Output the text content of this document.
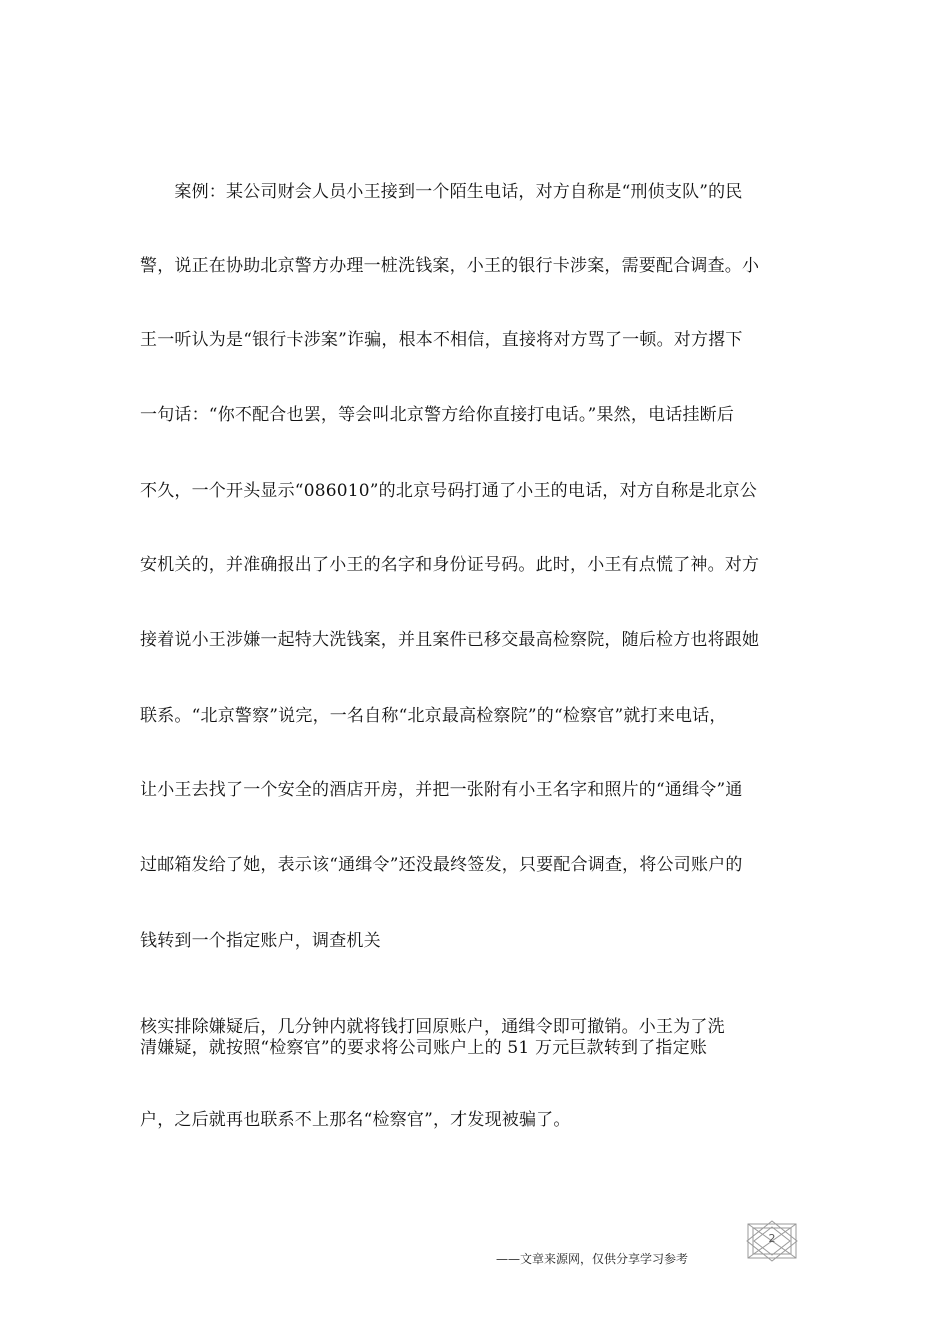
　　案例：某公司财会人员小王接到一个陌生电话，对方自称是“刑侦支队”的民
警，说正在协助北京警方办理一桩洗钱案，小王的银行卡涉案，需要配合调查。小
王一听认为是“银行卡涉案”诈骗，根本不相信，直接将对方骂了一顿。对方撂下
一句话：“你不配合也罢，等会叫北京警方给你直接打电话。”果然，电话挂断后
不久，一个开头显示“086010”的北京号码打通了小王的电话，对方自称是北京公
安机关的，并准确报出了小王的名字和身份证号码。此时，小王有点慌了神。对方
接着说小王涉嫌一起特大洗钱案，并且案件已移交最高检察院，随后检方也将跟她
联系。“北京警察”说完，一名自称“北京最高检察院”的“检察官”就打来电话，
让小王去找了一个安全的酒店开房，并把一张附有小王名字和照片的“通缉令”通
过邮箱发给了她，表示该“通缉令”还没最终签发，只要配合调查，将公司账户的
钱转到一个指定账户，调查机关
核实排除嫌疑后，几分钟内就将钱打回原账户，通缉令即可撤销。小王为了洗
清嫌疑，就按照“检察官”的要求将公司账户上的 51 万元巨款转到了指定账
户，之后就再也联系不上那名“检察官”，才发现被骗了。
2
——文章来源网，仅供分享学习参考
